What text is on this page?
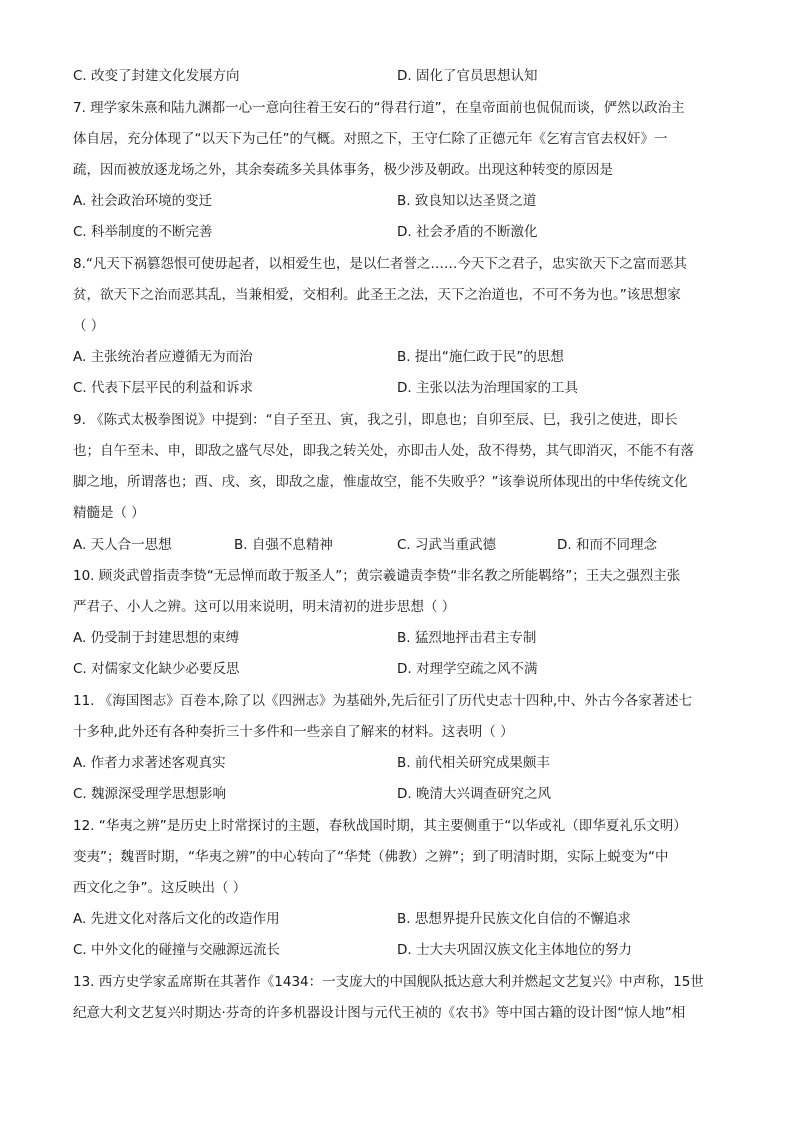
C. 改变了封建文化发展方向	D. 固化了官员思想认知
7. 理学家朱熹和陆九渊都一心一意向往着王安石的“得君行道”，在皇帝面前也侃侃而谈，俨然以政治主
体自居，充分体现了“以天下为己任”的气概。对照之下，王守仁除了正德元年《乞宥言官去权奸》一
疏，因而被放逐龙场之外，其余奏疏多关具体事务，极少涉及朝政。出现这种转变的原因是
A. 社会政治环境的变迁	B. 致良知以达圣贤之道
C. 科举制度的不断完善	D. 社会矛盾的不断激化
8.“凡天下祸篡怨恨可使毋起者，以相爱生也，是以仁者誉之……今天下之君子，忠实欲天下之富而恶其
贫，欲天下之治而恶其乱，当兼相爱，交相利。此圣王之法，天下之治道也，不可不务为也。”该思想家
（ ）
A. 主张统治者应遵循无为而治	B. 提出“施仁政于民”的思想
C. 代表下层平民的利益和诉求	D. 主张以法为治理国家的工具
9. 《陈式太极拳图说》中提到：“自子至丑、寅，我之引，即息也；自卯至辰、巳，我引之使进，即长
也；自午至未、申，即敌之盛气尽处，即我之转关处，亦即击人处，敌不得势，其气即消灭，不能不有落
脚之地，所谓落也；酉、戌、亥，即敌之虚，惟虚故空，能不失败乎？”该拳说所体现出的中华传统文化
精髓是（ ）
A. 天人合一思想	B. 自强不息精神	C. 习武当重武德	D. 和而不同理念
10. 顾炎武曾指责李贽“无忌惮而敢于叛圣人”；黄宗羲谴责李贽“非名教之所能羁络”；王夫之强烈主张
严君子、小人之辨。这可以用来说明，明末清初的进步思想（ ）
A. 仍受制于封建思想的束缚	B. 猛烈地抨击君主专制
C. 对儒家文化缺少必要反思	D. 对理学空疏之风不满
11. 《海国图志》百卷本,除了以《四洲志》为基础外,先后征引了历代史志十四种,中、外古今各家著述七
十多种,此外还有各种奏折三十多件和一些亲自了解来的材料。这表明（ ）
A. 作者力求著述客观真实	B. 前代相关研究成果颇丰
C. 魏源深受理学思想影响	D. 晚清大兴调查研究之风
12. “华夷之辨”是历史上时常探讨的主题，春秋战国时期，其主要侧重于“以华或礼（即华夏礼乐文明）
变夷”；魏晋时期，“华夷之辨”的中心转向了“华梵（佛教）之辨”；到了明清时期，实际上蜕变为“中
西文化之争”。这反映出（ ）
A. 先进文化对落后文化的改造作用	B. 思想界提升民族文化自信的不懈追求
C. 中外文化的碰撞与交融源远流长	D. 士大夫巩固汉族文化主体地位的努力
13. 西方史学家孟席斯在其著作《1434：一支庞大的中国舰队抵达意大利并燃起文艺复兴》中声称，15世
纪意大利文艺复兴时期达·芬奇的许多机器设计图与元代王祯的《农书》等中国古籍的设计图“惊人地”相
